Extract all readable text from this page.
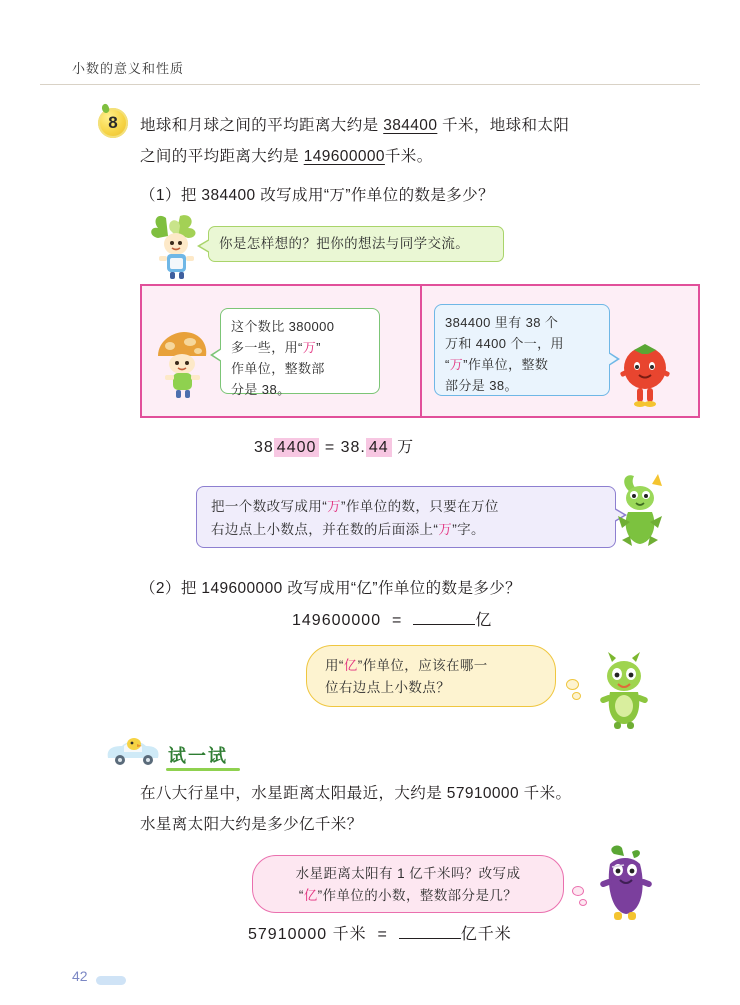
小数的意义和性质
8	地球和月球之间的平均距离大约是 384400 千米，地球和太阳
之间的平均距离大约是 149600000千米。
（1）把 384400 改写成用“万”作单位的数是多少？
你是怎样想的？把你的想法与同学交流。
这个数比 380000
多一些，用“万”
作单位，整数部
分是 38。
384400 里有 38 个
万和 4400 个一，用
“万”作单位，整数
部分是 38。
38 4400 = 38. 44 万
把一个数改写成用“万”作单位的数，只要在万位
右边点上小数点，并在数的后面添上“万”字。
（2）把 149600000 改写成用“亿”作单位的数是多少？
149600000 =	亿
用“亿”作单位，应该在哪一
位右边点上小数点？
试一试
在八大行星中，水星距离太阳最近，大约是 57910000 千米。
水星离太阳大约是多少亿千米？
水星距离太阳有 1 亿千米吗？改写成
“亿”作单位的小数，整数部分是几？
57910000 千米 =	亿千米
42
